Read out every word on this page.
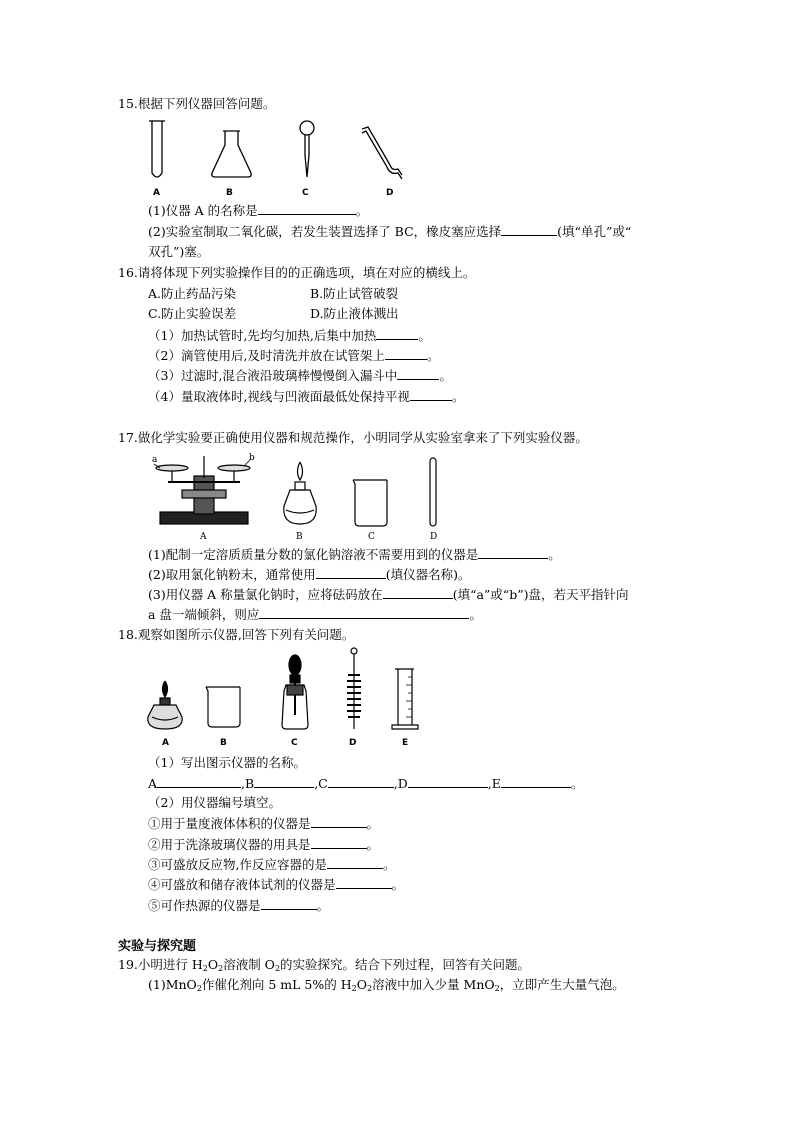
15.根据下列仪器回答问题。
A	B	C	D
(1)仪器 A 的名称是	。
(2)实验室制取二氧化碳，若发生装置选择了 BC，橡皮塞应选择	(填“单孔”或“
双孔”)塞。
16.请将体现下列实验操作目的的正确选项，填在对应的横线上。
A.防止药品污染	B.防止试管破裂
C.防止实验误差	D.防止液体溅出
（1）加热试管时,先均匀加热,后集中加热	。
（2）滴管使用后,及时清洗并放在试管架上	。
（3）过滤时,混合液沿玻璃棒慢慢倒入漏斗中	。
（4）量取液体时,视线与凹液面最低处保持平视	。
17.做化学实验要正确使用仪器和规范操作，小明同学从实验室拿来了下列实验仪器。
a	b
A	B	C	D
(1)配制一定溶质质量分数的氯化钠溶液不需要用到的仪器是	。
(2)取用氯化钠粉末，通常使用	(填仪器名称)。
(3)用仪器 A 称量氯化钠时，应将砝码放在	(填“a”或“b”)盘，若天平指针向
a 盘一端倾斜，则应	。
18.观察如图所示仪器,回答下列有关问题。
A	B	C	D	E
（1）写出图示仪器的名称。
A	,B	,C	,D	,E	。
（2）用仪器编号填空。
①用于量度液体体积的仪器是	。
②用于洗涤玻璃仪器的用具是	。
③可盛放反应物,作反应容器的是	。
④可盛放和储存液体试剂的仪器是	。
⑤可作热源的仪器是	。
实验与探究题
19.小明进行 $H_2O_2$溶液制 $O_2$的实验探究。结合下列过程，回答有关问题。
(1)MnO$_2$作催化剂向 5 mL 5%的 $H_2O_2$溶液中加入少量 MnO$_2$，立即产生大量气泡。
